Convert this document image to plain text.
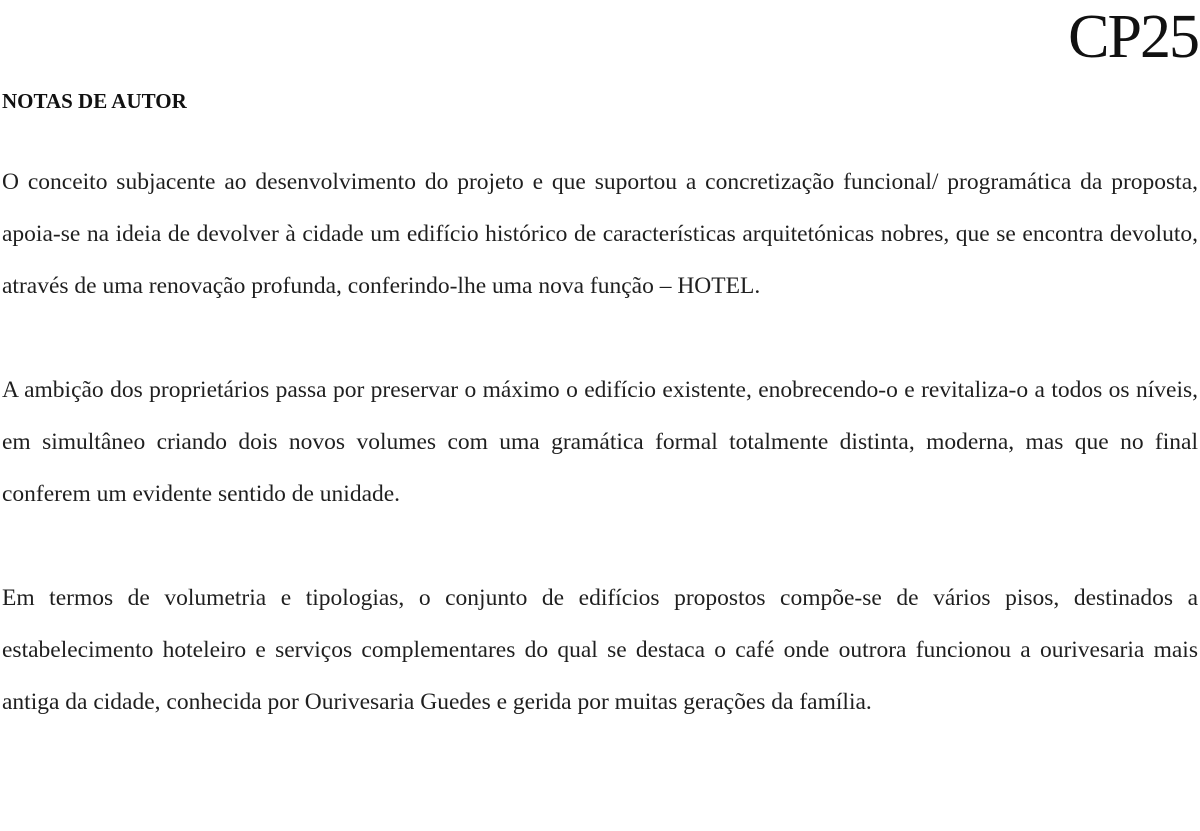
CP25
NOTAS DE AUTOR

O conceito subjacente ao desenvolvimento do projeto e que suportou a concretização funcional/ programática da proposta, apoia-se na ideia de devolver à cidade um edifício histórico de características arquitetónicas nobres, que se encontra devoluto, através de uma renovação profunda, conferindo-lhe uma nova função – HOTEL.

A ambição dos proprietários passa por preservar o máximo o edifício existente, enobrecendo-o e revitaliza-o a todos os níveis, em simultâneo criando dois novos volumes com uma gramática formal totalmente distinta, moderna, mas que no final conferem um evidente sentido de unidade.

Em termos de volumetria e tipologias, o conjunto de edifícios propostos compõe-se de vários pisos, destinados a estabelecimento hoteleiro e serviços complementares do qual se destaca o café onde outrora funcionou a ourivesaria mais antiga da cidade, conhecida por Ourivesaria Guedes e gerida por muitas gerações da família.
